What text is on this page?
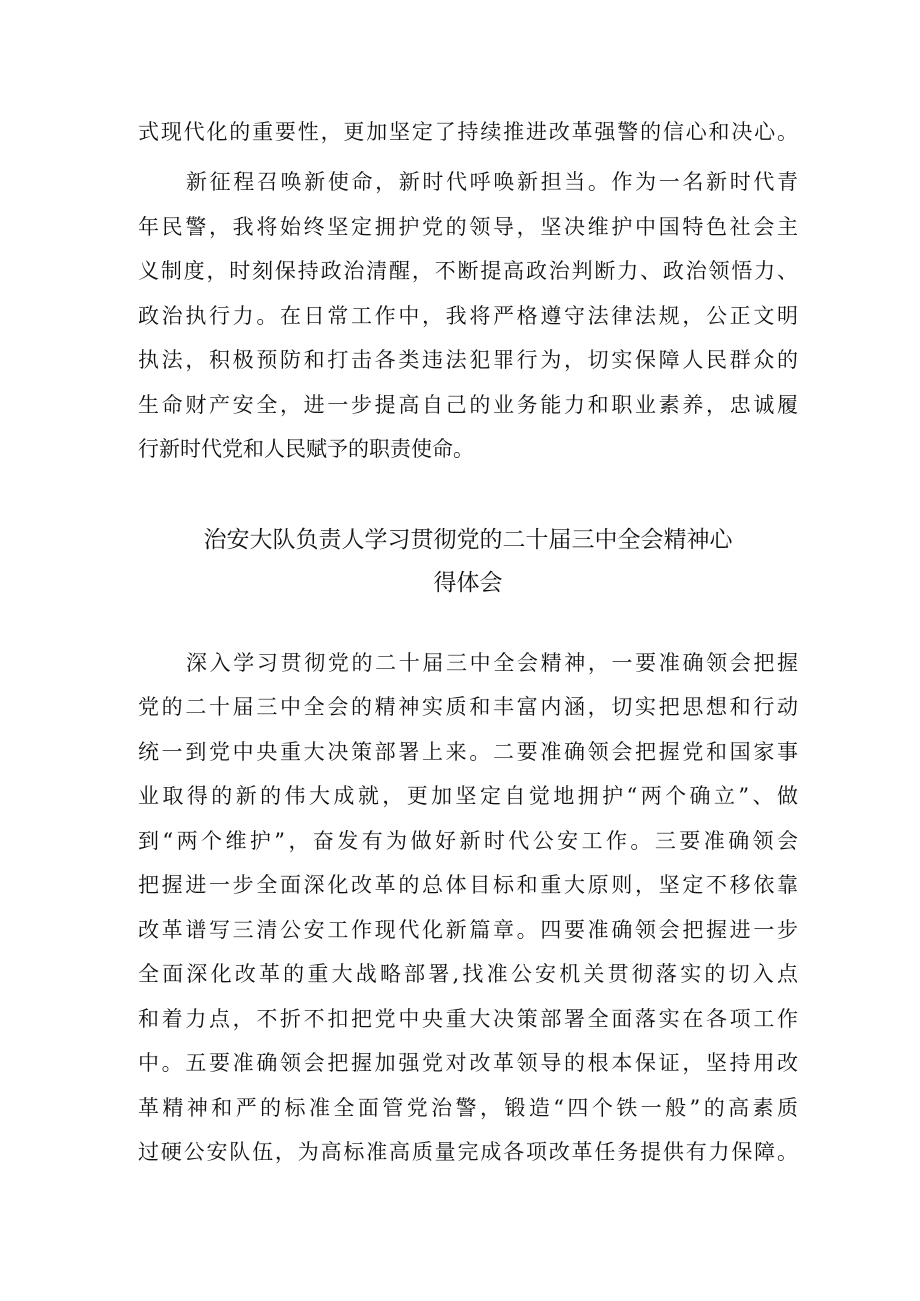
式现代化的重要性，更加坚定了持续推进改革强警的信心和决心。
新征程召唤新使命，新时代呼唤新担当。作为一名新时代青
年民警，我将始终坚定拥护党的领导，坚决维护中国特色社会主
义制度，时刻保持政治清醒，不断提高政治判断力、政治领悟力、
政治执行力。在日常工作中，我将严格遵守法律法规，公正文明
执法，积极预防和打击各类违法犯罪行为，切实保障人民群众的
生命财产安全，进一步提高自己的业务能力和职业素养，忠诚履
行新时代党和人民赋予的职责使命。
治安大队负责人学习贯彻党的二十届三中全会精神心
得体会
深入学习贯彻党的二十届三中全会精神，一要准确领会把握
党的二十届三中全会的精神实质和丰富内涵，切实把思想和行动
统一到党中央重大决策部署上来。二要准确领会把握党和国家事
业取得的新的伟大成就，更加坚定自觉地拥护“两个确立”、做
到“两个维护”，奋发有为做好新时代公安工作。三要准确领会
把握进一步全面深化改革的总体目标和重大原则，坚定不移依靠
改革谱写三清公安工作现代化新篇章。四要准确领会把握进一步
全面深化改革的重大战略部署,找准公安机关贯彻落实的切入点
和着力点，不折不扣把党中央重大决策部署全面落实在各项工作
中。五要准确领会把握加强党对改革领导的根本保证，坚持用改
革精神和严的标准全面管党治警，锻造“四个铁一般”的高素质
过硬公安队伍，为高标准高质量完成各项改革任务提供有力保障。
